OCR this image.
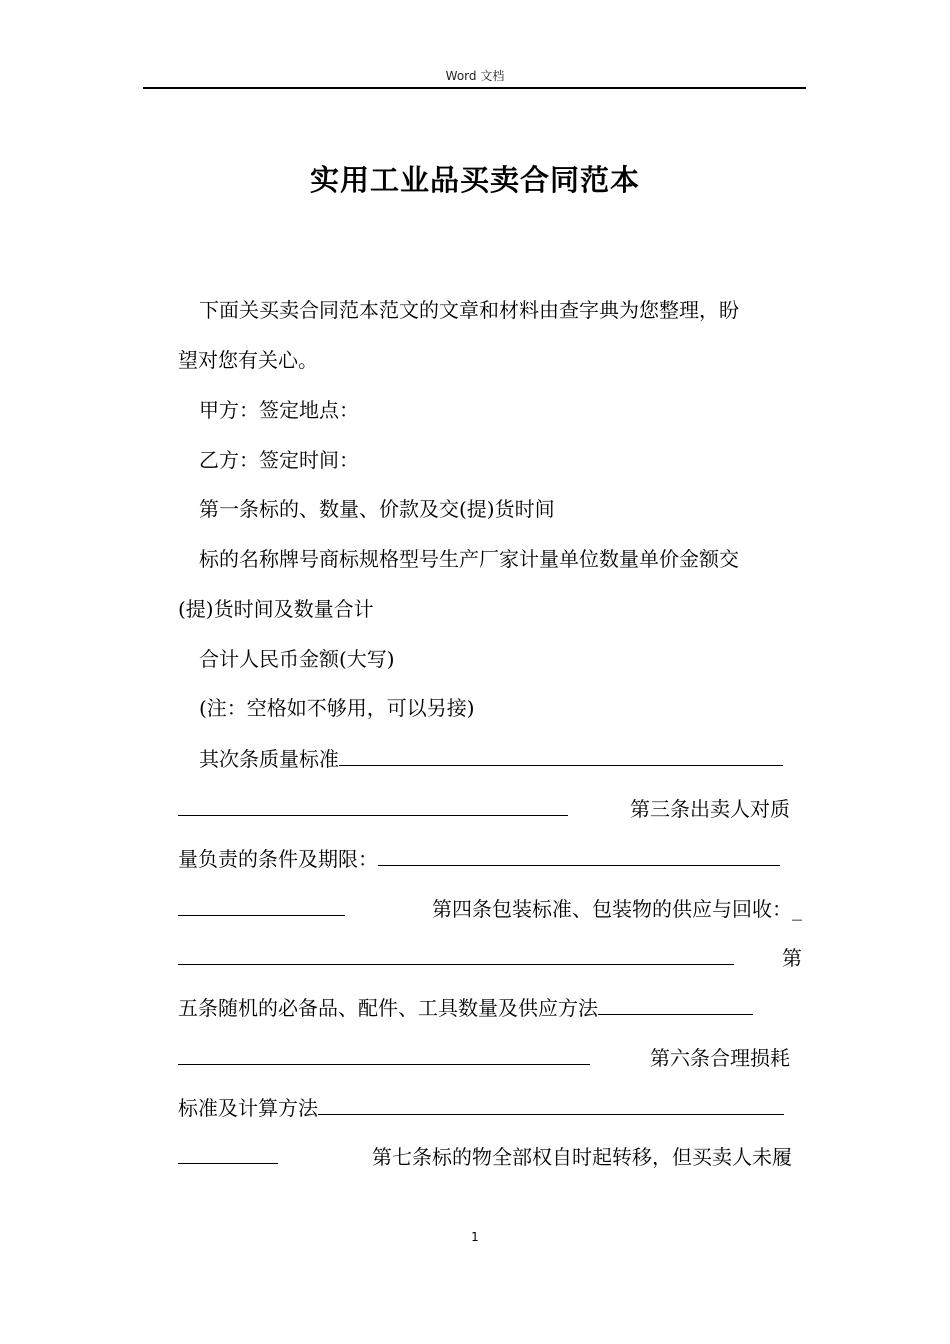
Word 文档
实用工业品买卖合同范本
下面关买卖合同范本范文的文章和材料由查字典为您整理，盼
望对您有关心。
甲方：签定地点：
乙方：签定时间：
第一条标的、数量、价款及交(提)货时间
标的名称牌号商标规格型号生产厂家计量单位数量单价金额交
(提)货时间及数量合计
合计人民币金额(大写)
(注：空格如不够用，可以另接)
其次条质量标准
第三条出卖人对质
量负责的条件及期限：
第四条包装标准、包装物的供应与回收：_
第
五条随机的必备品、配件、工具数量及供应方法
第六条合理损耗
标准及计算方法
第七条标的物全部权自时起转移，但买卖人未履
1
